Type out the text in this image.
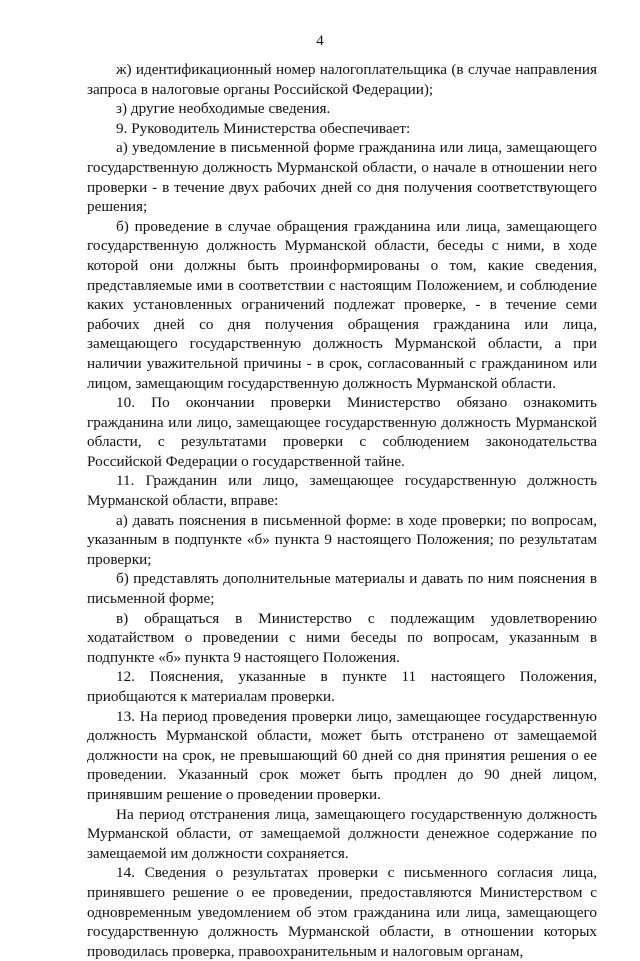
4

ж) идентификационный номер налогоплательщика (в случае направления запроса в налоговые органы Российской Федерации);

з) другие необходимые сведения.

9. Руководитель Министерства обеспечивает:

а) уведомление в письменной форме гражданина или лица, замещающего государственную должность Мурманской области, о начале в отношении него проверки - в течение двух рабочих дней со дня получения соответствующего решения;

б) проведение в случае обращения гражданина или лица, замещающего государственную должность Мурманской области, беседы с ними, в ходе которой они должны быть проинформированы о том, какие сведения, представляемые ими в соответствии с настоящим Положением, и соблюдение каких установленных ограничений подлежат проверке, - в течение семи рабочих дней со дня получения обращения гражданина или лица, замещающего государственную должность Мурманской области, а при наличии уважительной причины - в срок, согласованный с гражданином или лицом, замещающим государственную должность Мурманской области.

10. По окончании проверки Министерство обязано ознакомить гражданина или лицо, замещающее государственную должность Мурманской области, с результатами проверки с соблюдением законодательства Российской Федерации о государственной тайне.

11. Гражданин или лицо, замещающее государственную должность Мурманской области, вправе:

а) давать пояснения в письменной форме: в ходе проверки; по вопросам, указанным в подпункте «б» пункта 9 настоящего Положения; по результатам проверки;

б) представлять дополнительные материалы и давать по ним пояснения в письменной форме;

в) обращаться в Министерство с подлежащим удовлетворению ходатайством о проведении с ними беседы по вопросам, указанным в подпункте «б» пункта 9 настоящего Положения.

12. Пояснения, указанные в пункте 11 настоящего Положения, приобщаются к материалам проверки.

13. На период проведения проверки лицо, замещающее государственную должность Мурманской области, может быть отстранено от замещаемой должности на срок, не превышающий 60 дней со дня принятия решения о ее проведении. Указанный срок может быть продлен до 90 дней лицом, принявшим решение о проведении проверки.

На период отстранения лица, замещающего государственную должность Мурманской области, от замещаемой должности денежное содержание по замещаемой им должности сохраняется.

14. Сведения о результатах проверки с письменного согласия лица, принявшего решение о ее проведении, предоставляются Министерством с одновременным уведомлением об этом гражданина или лица, замещающего государственную должность Мурманской области, в отношении которых проводилась проверка, правоохранительным и налоговым органам,
